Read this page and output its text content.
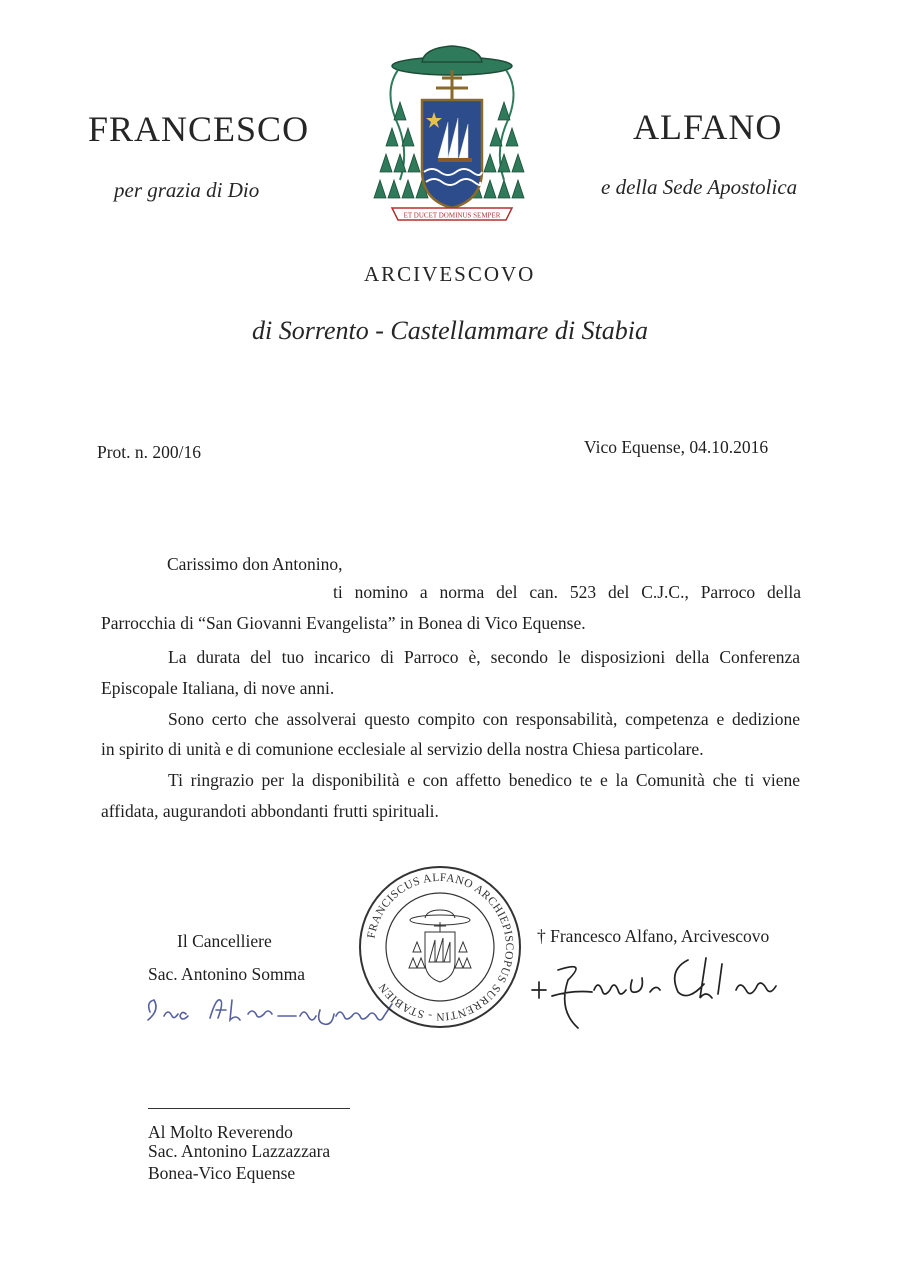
FRANCESCO	ALFANO
per grazia di Dio	e della Sede Apostolica
ET DUCET DOMINUS SEMPER
ARCIVESCOVO
di Sorrento - Castellammare di Stabia
Prot. n. 200/16	Vico Equense, 04.10.2016
Carissimo don Antonino,
ti nomino a norma del can. 523 del C.J.C., Parroco della
Parrocchia di “San Giovanni Evangelista” in Bonea di Vico Equense.
La durata del tuo incarico di Parroco è, secondo le disposizioni della Conferenza
Episcopale Italiana, di nove anni.
Sono certo che assolverai questo compito con responsabilità, competenza e dedizione
in spirito di unità e di comunione ecclesiale al servizio della nostra Chiesa particolare.
Ti ringrazio per la disponibilità e con affetto benedico te e la Comunità che ti viene
affidata, augurandoti abbondanti frutti spirituali.
Il Cancelliere
Sac. Antonino Somma
FRANCISCUS ALFANO ARCHIEPISCOPUS SURRENTIN - STABIEN
† Francesco Alfano, Arcivescovo
Al Molto Reverendo
Sac. Antonino Lazzazzara
Bonea-Vico Equense
